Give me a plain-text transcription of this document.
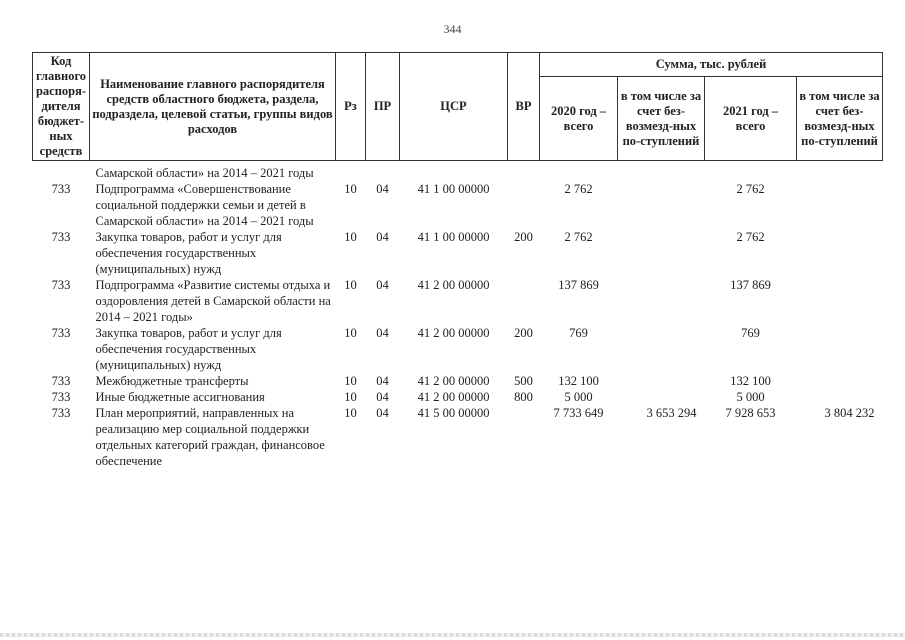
344
Код главного распоря-дителя бюджет-ных средств	Наименование главного распорядителя средств областного бюджета, раздела, подраздела, целевой статьи, группы видов расходов	Рз	ПР	ЦСР	ВР	Сумма, тыс. рублей			
						2020 год – всего	в том числе за счет без-возмезд-ных по-ступлений	2021 год – всего	в том числе за счет без-возмезд-ных по-ступлений
	Самарской области» на 2014 – 2021 годы								
733	Подпрограмма «Совершенствование социальной поддержки семьи и детей в Самарской области» на 2014 – 2021 годы	10	04	41 1 00 00000		2 762		2 762	
733	Закупка товаров, работ и услуг для обеспечения государственных (муниципальных) нужд	10	04	41 1 00 00000	200	2 762		2 762	
733	Подпрограмма «Развитие системы отдыха и оздоровления детей в Самарской области на 2014 – 2021 годы»	10	04	41 2 00 00000		137 869		137 869	
733	Закупка товаров, работ и услуг для обеспечения государственных (муниципальных) нужд	10	04	41 2 00 00000	200	769		769	
733	Межбюджетные трансферты	10	04	41 2 00 00000	500	132 100		132 100	
733	Иные бюджетные ассигнования	10	04	41 2 00 00000	800	5 000		5 000	
733	План мероприятий, направленных на реализацию мер социальной поддержки отдельных категорий граждан, финансовое обеспечение	10	04	41 5 00 00000		7 733 649	3 653 294	7 928 653	3 804 232
